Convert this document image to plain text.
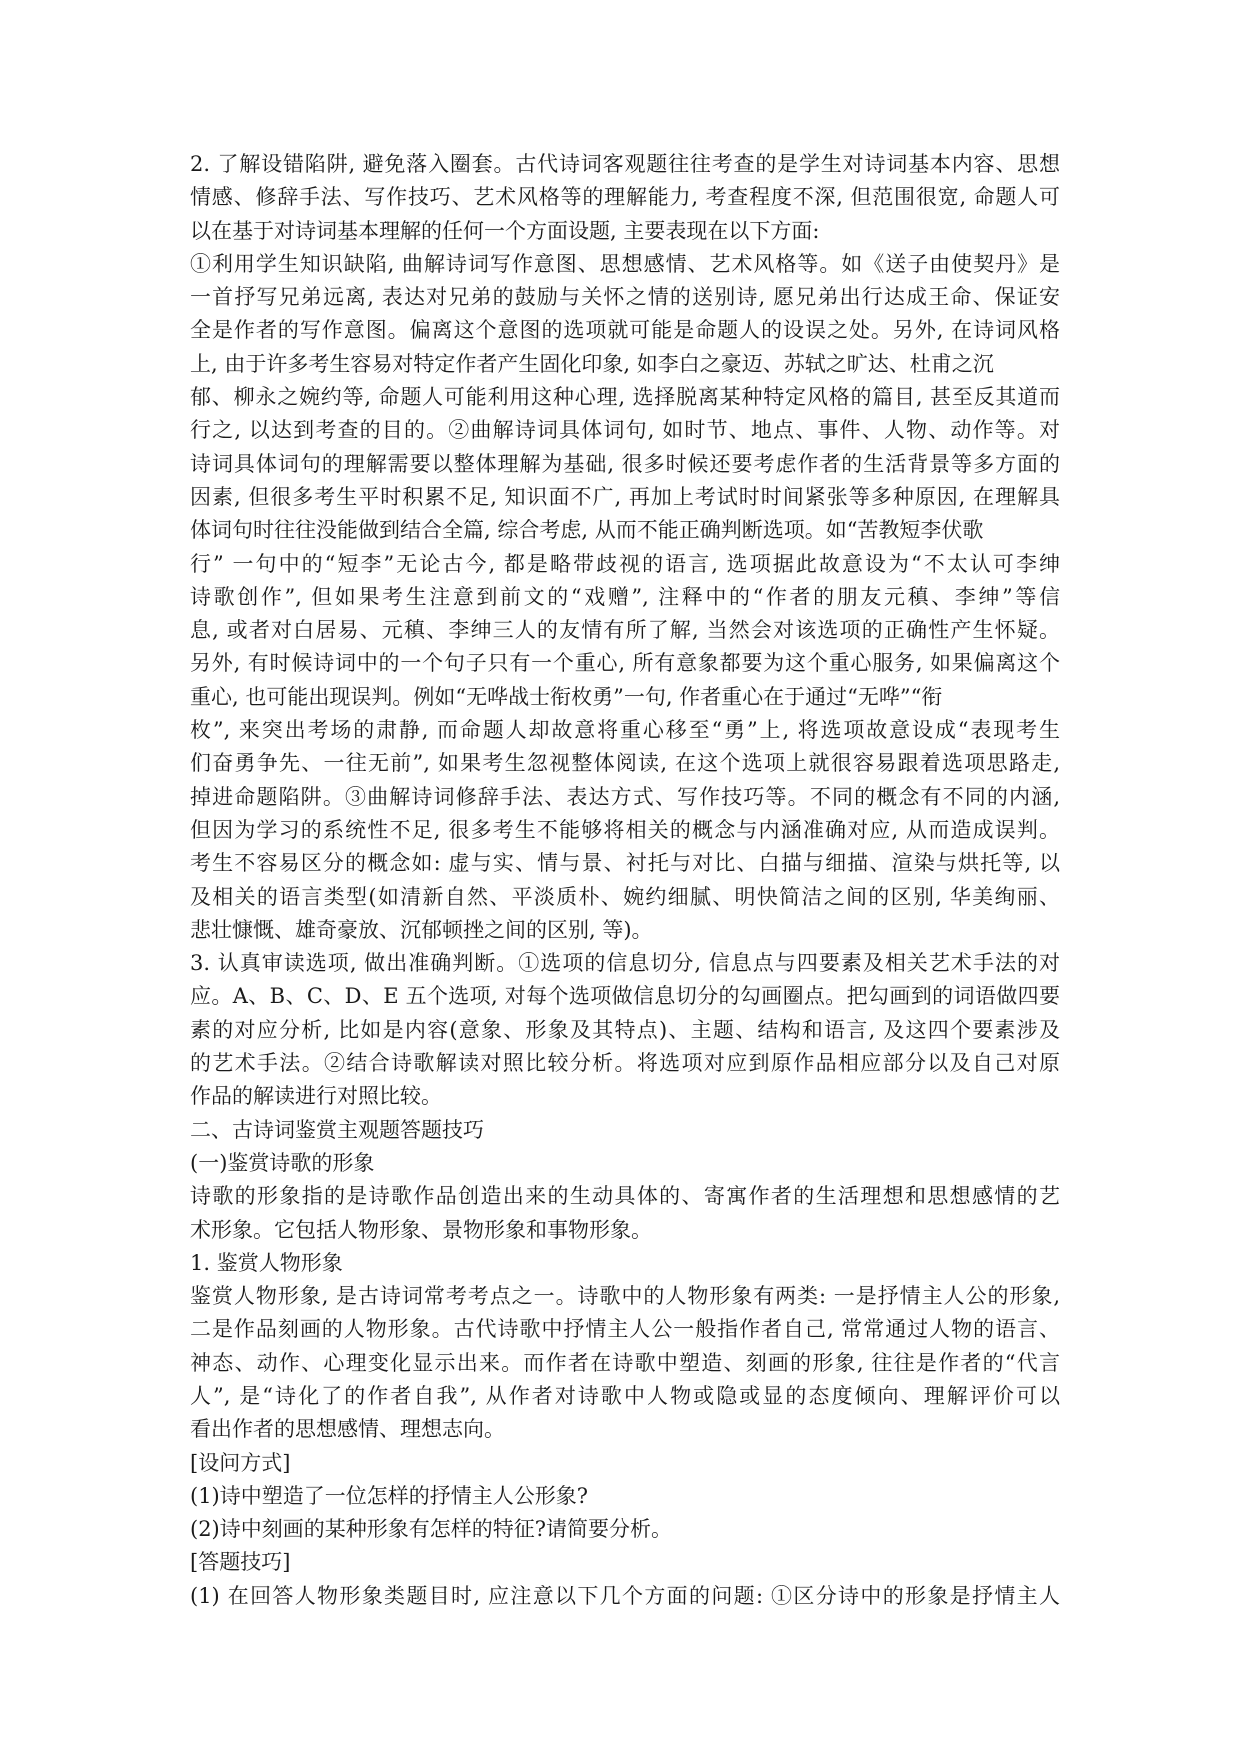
2. 了解设错陷阱, 避免落入圈套。古代诗词客观题往往考查的是学生对诗词基本内容、思想
情感、修辞手法、写作技巧、艺术风格等的理解能力, 考查程度不深, 但范围很宽, 命题人可
以在基于对诗词基本理解的任何一个方面设题, 主要表现在以下方面:
①利用学生知识缺陷, 曲解诗词写作意图、思想感情、艺术风格等。如《送子由使契丹》是
一首抒写兄弟远离, 表达对兄弟的鼓励与关怀之情的送别诗, 愿兄弟出行达成王命、保证安
全是作者的写作意图。偏离这个意图的选项就可能是命题人的设误之处。另外, 在诗词风格
上, 由于许多考生容易对特定作者产生固化印象, 如李白之豪迈、苏轼之旷达、杜甫之沉
郁、柳永之婉约等, 命题人可能利用这种心理, 选择脱离某种特定风格的篇目, 甚至反其道而
行之, 以达到考查的目的。②曲解诗词具体词句, 如时节、地点、事件、人物、动作等。对
诗词具体词句的理解需要以整体理解为基础, 很多时候还要考虑作者的生活背景等多方面的
因素, 但很多考生平时积累不足, 知识面不广, 再加上考试时时间紧张等多种原因, 在理解具
体词句时往往没能做到结合全篇, 综合考虑, 从而不能正确判断选项。如“苦教短李伏歌
行” 一句中的“短李”无论古今, 都是略带歧视的语言, 选项据此故意设为“不太认可李绅
诗歌创作”, 但如果考生注意到前文的“戏赠”, 注释中的“作者的朋友元稹、李绅”等信
息, 或者对白居易、元稹、李绅三人的友情有所了解, 当然会对该选项的正确性产生怀疑。
另外, 有时候诗词中的一个句子只有一个重心, 所有意象都要为这个重心服务, 如果偏离这个
重心, 也可能出现误判。例如“无哗战士衔枚勇”一句, 作者重心在于通过“无哗”“衔
枚”, 来突出考场的肃静, 而命题人却故意将重心移至“勇”上, 将选项故意设成“表现考生
们奋勇争先、一往无前”, 如果考生忽视整体阅读, 在这个选项上就很容易跟着选项思路走,
掉进命题陷阱。③曲解诗词修辞手法、表达方式、写作技巧等。不同的概念有不同的内涵,
但因为学习的系统性不足, 很多考生不能够将相关的概念与内涵准确对应, 从而造成误判。
考生不容易区分的概念如: 虚与实、情与景、衬托与对比、白描与细描、渲染与烘托等, 以
及相关的语言类型(如清新自然、平淡质朴、婉约细腻、明快简洁之间的区别, 华美绚丽、
悲壮慷慨、雄奇豪放、沉郁顿挫之间的区别, 等)。
3. 认真审读选项, 做出准确判断。①选项的信息切分, 信息点与四要素及相关艺术手法的对
应。A、B、C、D、E 五个选项, 对每个选项做信息切分的勾画圈点。把勾画到的词语做四要
素的对应分析, 比如是内容(意象、形象及其特点)、主题、结构和语言, 及这四个要素涉及
的艺术手法。②结合诗歌解读对照比较分析。将选项对应到原作品相应部分以及自己对原
作品的解读进行对照比较。
二、古诗词鉴赏主观题答题技巧
(一)鉴赏诗歌的形象
诗歌的形象指的是诗歌作品创造出来的生动具体的、寄寓作者的生活理想和思想感情的艺
术形象。它包括人物形象、景物形象和事物形象。
1. 鉴赏人物形象
鉴赏人物形象, 是古诗词常考考点之一。诗歌中的人物形象有两类: 一是抒情主人公的形象,
二是作品刻画的人物形象。古代诗歌中抒情主人公一般指作者自己, 常常通过人物的语言、
神态、动作、心理变化显示出来。而作者在诗歌中塑造、刻画的形象, 往往是作者的“代言
人”, 是“诗化了的作者自我”, 从作者对诗歌中人物或隐或显的态度倾向、理解评价可以
看出作者的思想感情、理想志向。
[设问方式]
(1)诗中塑造了一位怎样的抒情主人公形象?
(2)诗中刻画的某种形象有怎样的特征?请简要分析。
[答题技巧]
(1) 在回答人物形象类题目时, 应注意以下几个方面的问题: ①区分诗中的形象是抒情主人
